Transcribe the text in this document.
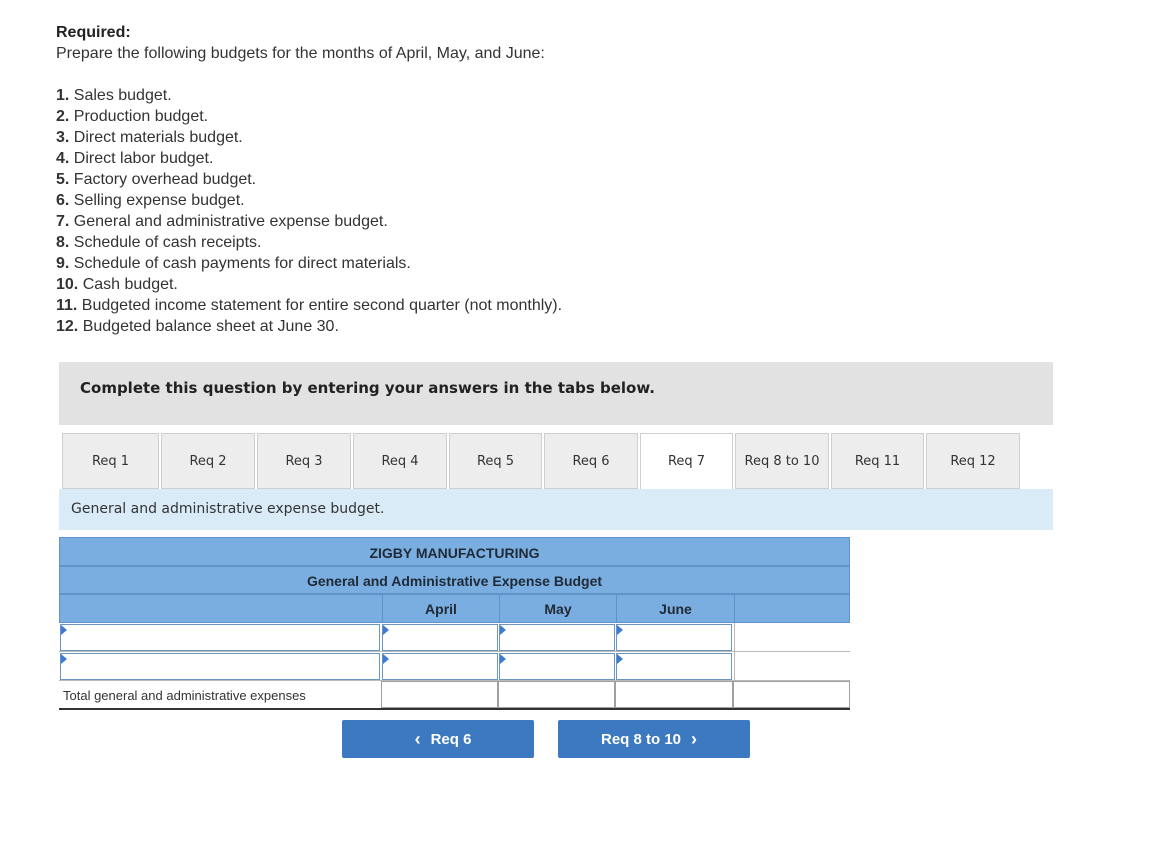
Required:
Prepare the following budgets for the months of April, May, and June:
1. Sales budget.
2. Production budget.
3. Direct materials budget.
4. Direct labor budget.
5. Factory overhead budget.
6. Selling expense budget.
7. General and administrative expense budget.
8. Schedule of cash receipts.
9. Schedule of cash payments for direct materials.
10. Cash budget.
11. Budgeted income statement for entire second quarter (not monthly).
12. Budgeted balance sheet at June 30.
Complete this question by entering your answers in the tabs below.
Req 1	Req 2	Req 3	Req 4	Req 5	Req 6	Req 7	Req 8 to 10	Req 11	Req 12
General and administrative expense budget.
ZIGBY MANUFACTURING
General and Administrative Expense Budget
April	May	June
Total general and administrative expenses
‹ Req 6	Req 8 to 10 ›
